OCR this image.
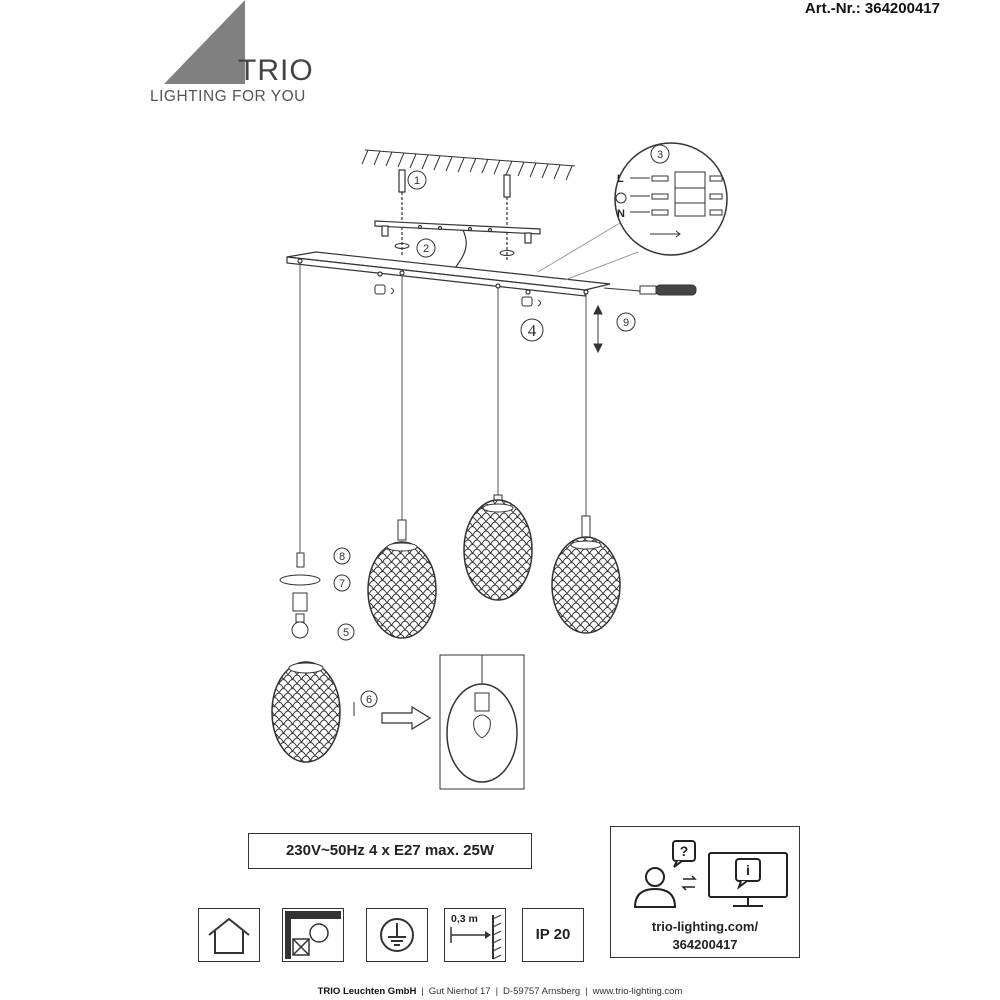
Art.-Nr.: 364200417
TRIO
LIGHTING FOR YOU
1
2
4
3
L
N
9
8
7
5
6
230V~50Hz 4 x E27 max. 25W	?
i
trio-lighting.com/
364200417
0,3 m
IP 20
TRIO Leuchten GmbH | Gut Nierhof 17 | D-59757 Arnsberg | www.trio-lighting.com
